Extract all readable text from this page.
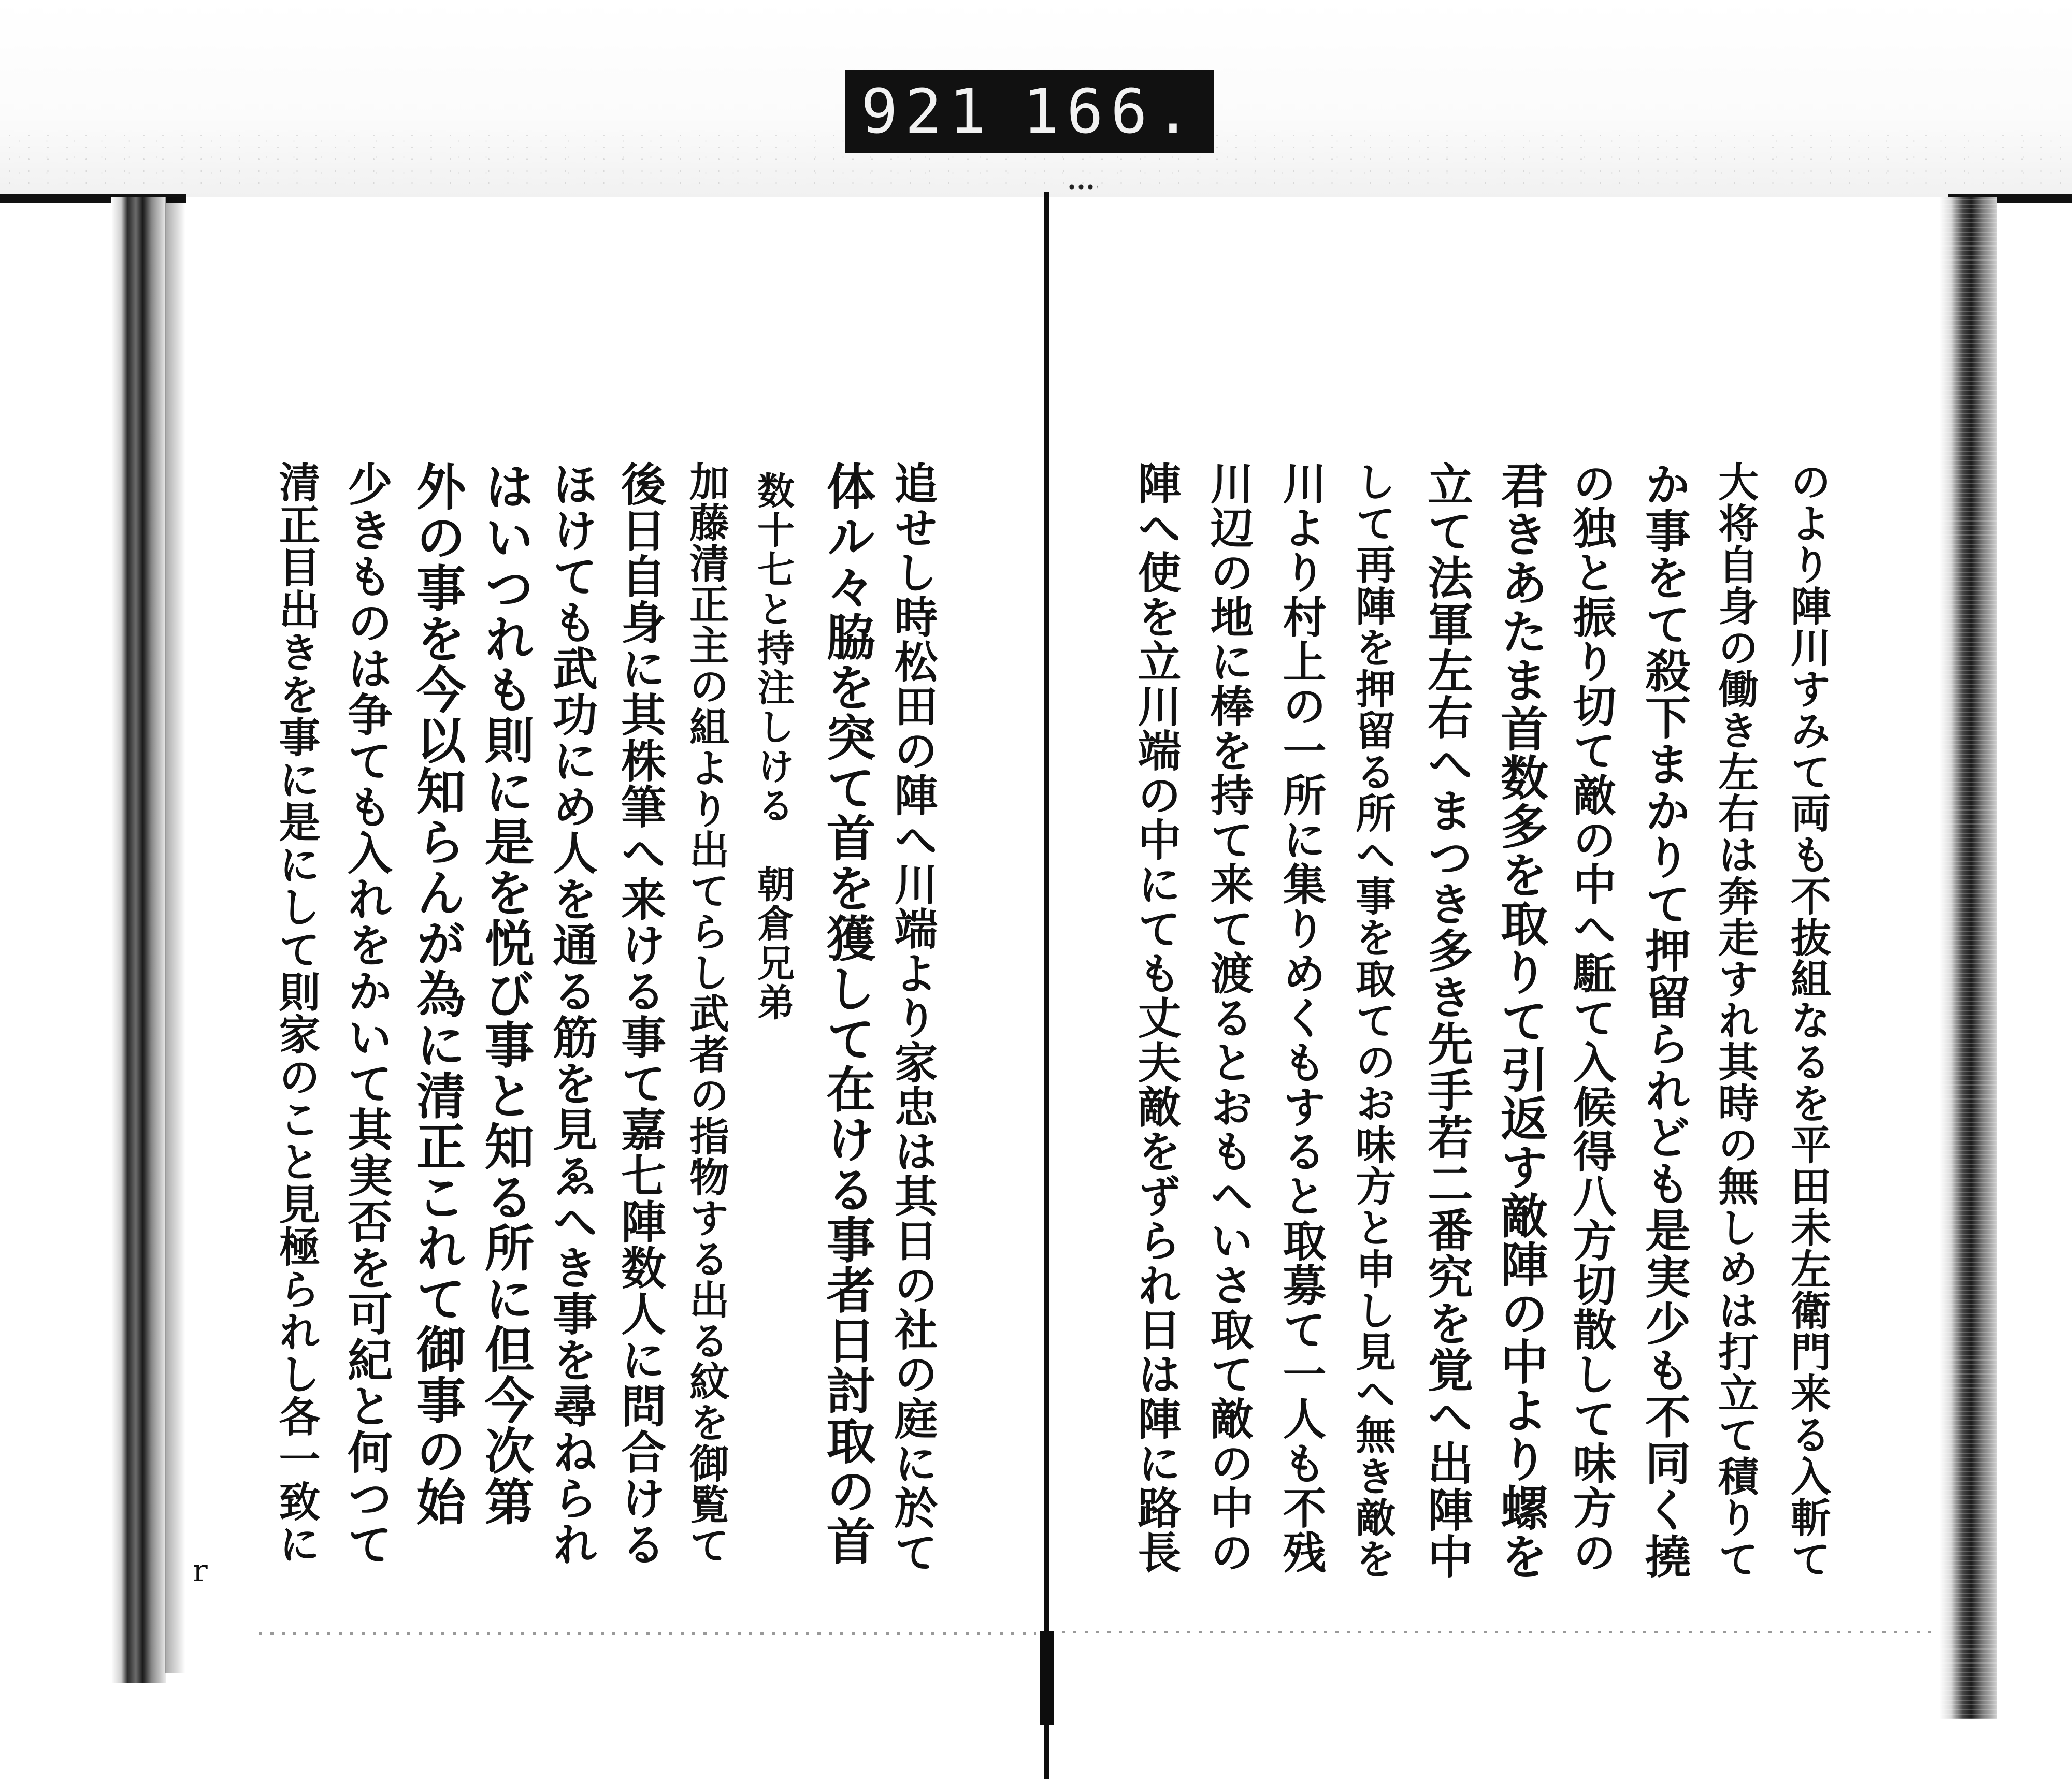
921 166.
追せし時松田の陣へ川端より家忠は其日の社の庭に於て
体ル々脇を突て首を獲して在ける事者日討取の首
数十七と持注しける　朝倉兄弟
加藤清正主の組より出てらし武者の指物する出る紋を御覧て
後日自身に其株筆へ来ける事て嘉七陣数人に問合ける
ほけても武功にめ人を通る筋を見ゑへき事を尋ねられ
はいつれも則に是を悦び事と知る所に但今次第
外の事を今以知らんが為に清正これて御事の始
少きものは争ても入れをかいて其実否を可紀と何つて
清正目出きを事に是にして則家のこと見極られし各一致に	のより陣川すみて両も不抜組なるを平田未左衛門来る入斬て
大将自身の働き左右は奔走すれ其時の無しめは打立て積りて
か事をて殺下まかりて押留られども是実少も不同く撓
の独と振り切て敵の中へ駈て入候得八方切散して味方の
君きあたま首数多を取りて引返す敵陣の中より螺を
立て法軍左右へまつき多き先手若二番究を覚へ出陣中
して再陣を押留る所へ事を取てのお味方と申し見へ無き敵を
川より村上の一所に集りめくもすると取募て一人も不残
川辺の地に棒を持て来て渡るとおもへいさ取て敵の中の
陣へ使を立川端の中にても丈夫敵をずられ日は陣に路長
r
